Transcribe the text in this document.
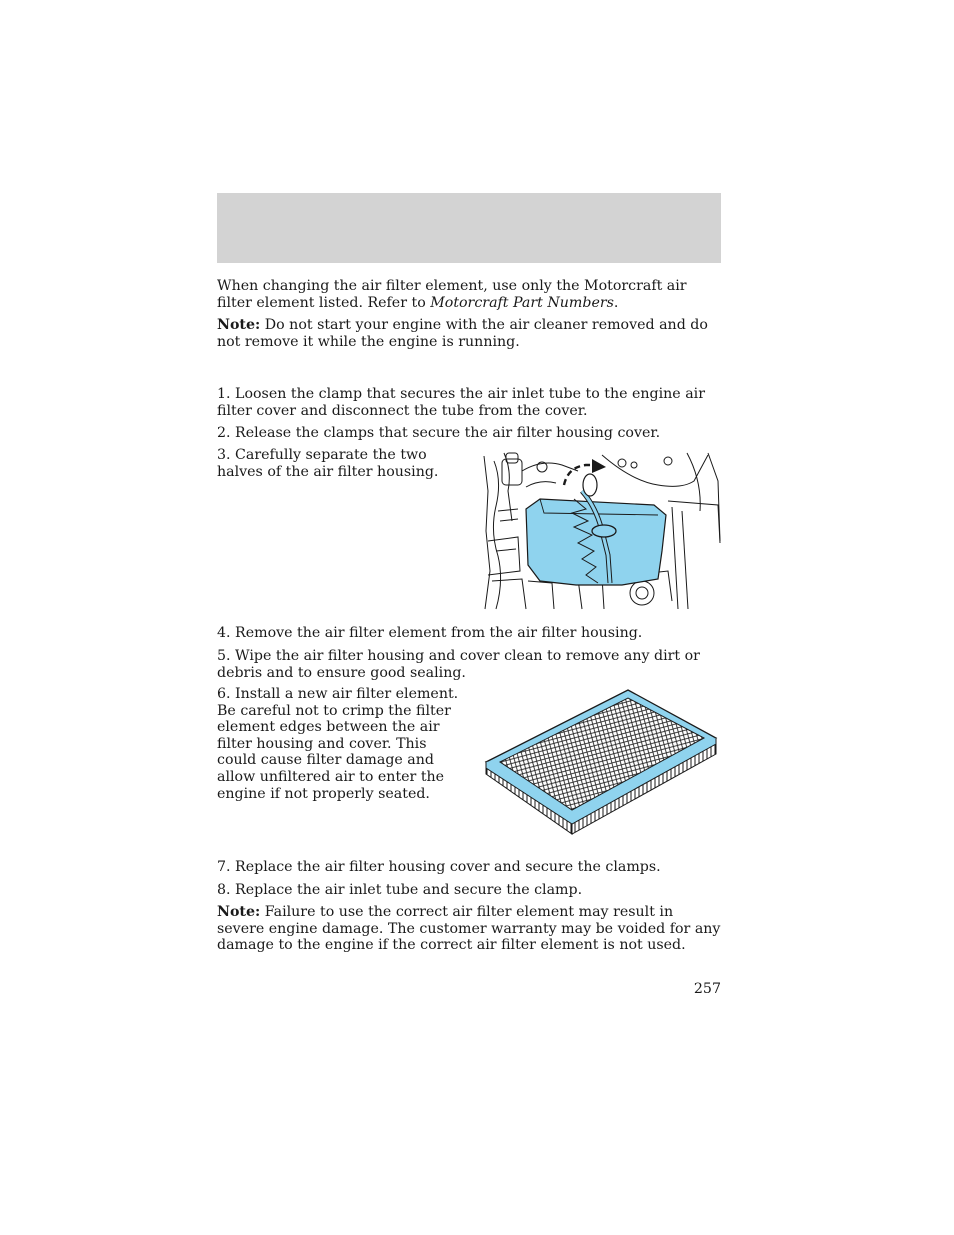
When changing the air filter element, use only the Motorcraft air filter element listed. Refer to Motorcraft Part Numbers.

Note: Do not start your engine with the air cleaner removed and do not remove it while the engine is running.

1. Loosen the clamp that secures the air inlet tube to the engine air filter cover and disconnect the tube from the cover.

2. Release the clamps that secure the air filter housing cover.

3. Carefully separate the two halves of the air filter housing.

4. Remove the air filter element from the air filter housing.

5. Wipe the air filter housing and cover clean to remove any dirt or debris and to ensure good sealing.

6. Install a new air filter element. Be careful not to crimp the filter element edges between the air filter housing and cover. This could cause filter damage and allow unfiltered air to enter the engine if not properly seated.

7. Replace the air filter housing cover and secure the clamps.

8. Replace the air inlet tube and secure the clamp.

Note: Failure to use the correct air filter element may result in severe engine damage. The customer warranty may be voided for any damage to the engine if the correct air filter element is not used.

257
